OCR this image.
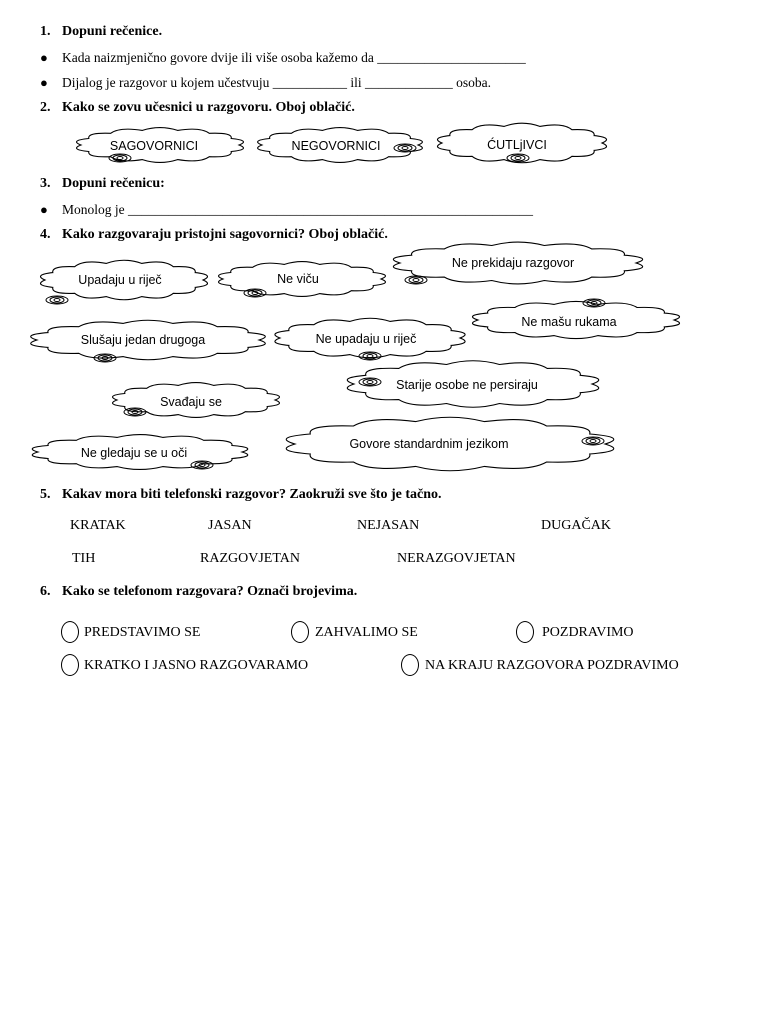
1. Dopuni rečenice.
● Kada naizmjenično govore dvije ili više osoba kažemo da ______________________
● Dijalog je razgovor u kojem učestvuju ___________ ili _____________ osoba.
2. Kako se zovu učesnici u razgovoru. Oboj oblačić.
SAGOVORNICI	NEGOVORNICI	ĆUTLjIVCI
3. Dopuni rečenicu:
● Monolog je ____________________________________________________________
4. Kako razgovaraju pristojni sagovornici? Oboj oblačić.
Upadaju u riječ	Ne viču
Ne prekidaju razgovor
Slušaju jedan drugoga	Ne upadaju u riječ
Ne mašu rukama
Starije osobe ne persiraju
Svađaju se
Ne gledaju se u oči
Govore standardnim jezikom
5. Kakav mora biti telefonski razgovor? Zaokruži sve što je tačno.
KRATAK	JASAN	NEJASAN	DUGAČAK
TIH	RAZGOVJETAN	NERAZGOVJETAN
6. Kako se telefonom razgovara? Označi brojevima.
PREDSTAVIMO SE	ZAHVALIMO SE	POZDRAVIMO
KRATKO I JASNO RAZGOVARAMO	NA KRAJU RAZGOVORA POZDRAVIMO
